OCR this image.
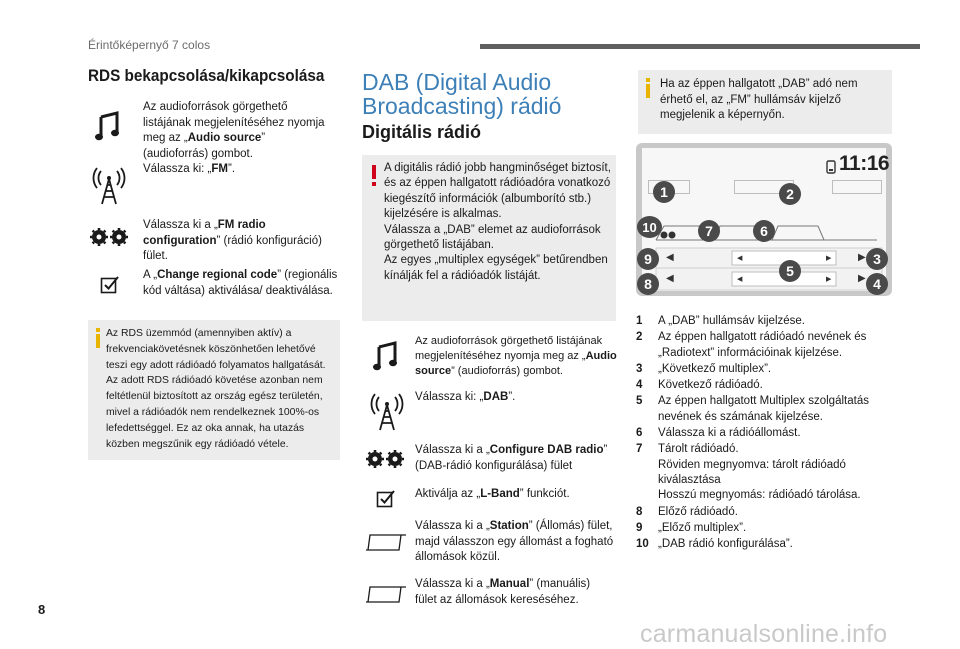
Érintőképernyő 7 colos
RDS bekapcsolása/kikapcsolása
Az audioforrások görgethető listájának megjelenítéséhez nyomja meg az „Audio source” (audioforrás) gombot.
Válassza ki: „FM”.
Válassza ki a „FM radio configuration” (rádió konfiguráció) fület.
A „Change regional code” (regionális kód váltása) aktiválása/ deaktiválása.
Az RDS üzemmód (amennyiben aktív) a frekvenciakövetésnek köszönhetően lehetővé teszi egy adott rádióadó folyamatos hallgatását. Az adott RDS rádióadó követése azonban nem feltétlenül biztosított az ország egész területén, mivel a rádióadók nem rendelkeznek 100%-os lefedettséggel. Ez az oka annak, ha utazás közben megszűnik egy rádióadó vétele.
DAB (Digital Audio Broadcasting) rádió
Digitális rádió
A digitális rádió jobb hangminőséget biztosít, és az éppen hallgatott rádióadóra vonatkozó kiegészítő információk (albumborító stb.) kijelzésére is alkalmas.
Válassza a „DAB” elemet az audioforrások görgethető listájában.
Az egyes „multiplex egységek” betűrendben kínálják fel a rádióadók listáját.
Az audioforrások görgethető listájának megjelenítéséhez nyomja meg az „Audio source” (audioforrás) gombot.
Válassza ki: „DAB”.
Válassza ki a „Configure DAB radio” (DAB-rádió konfigurálása) fület
Aktiválja az „L-Band” funkciót.
Válassza ki a „Station” (Állomás) fület, majd válasszon egy állomást a fogható állomások közül.
Válassza ki a „Manual” (manuális) fület az állomások kereséséhez.
Ha az éppen hallgatott „DAB” adó nem érhető el, az „FM” hullámsáv kijelző megjelenik a képernyőn.
11:16
◀
◀
◀	▶
◀	▶
▶
▶
1	2
3
4
5
6
7
8
9
10
1	A „DAB” hullámsáv kijelzése.
2	Az éppen hallgatott rádióadó nevének és „Radiotext” információinak kijelzése.
3	„Következő multiplex”.
4	Következő rádióadó.
5	Az éppen hallgatott Multiplex szolgáltatás nevének és számának kijelzése.
6	Válassza ki a rádióállomást.
7	Tárolt rádióadó.
Röviden megnyomva: tárolt rádióadó kiválasztása
Hosszú megnyomás: rádióadó tárolása.
8	Előző rádióadó.
9	„Előző multiplex”.
10 „DAB rádió konfigurálása”.
8
carmanualsonline.info
